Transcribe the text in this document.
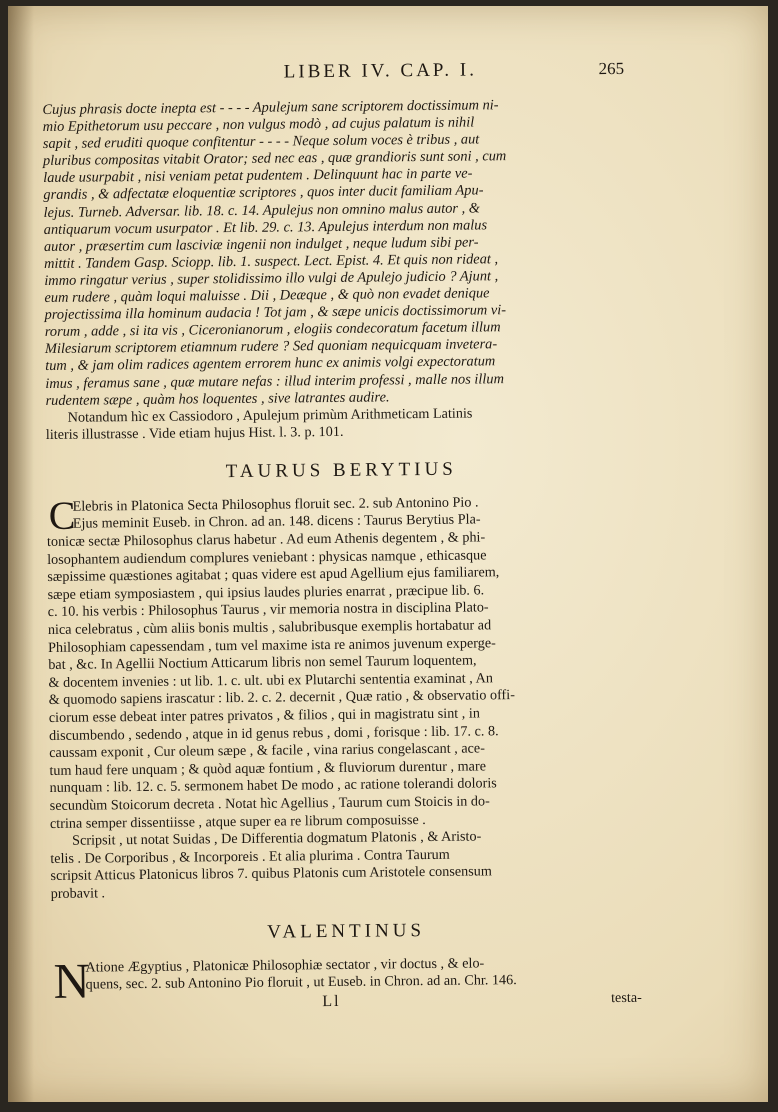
LIBER IV. CAP. I.	265

Cujus phrasis docte inepta est - - - - Apulejum sane scriptorem doctissimum ni-

mio Epithetorum usu peccare , non vulgus modò , ad cujus palatum is nihil

sapit , sed eruditi quoque confitentur - - - - Neque solum voces è tribus , aut

pluribus compositas vitabit Orator; sed nec eas , quæ grandioris sunt soni , cum

laude usurpabit , nisi veniam petat pudentem . Delinquunt hac in parte ve-

grandis , & adfectatæ eloquentiæ scriptores , quos inter ducit familiam Apu-

lejus. Turneb. Adversar. lib. 18. c. 14. Apulejus non omnino malus autor , &

antiquarum vocum usurpator . Et lib. 29. c. 13. Apulejus interdum non malus

autor , præsertim cum lasciviæ ingenii non indulget , neque ludum sibi per-

mittit . Tandem Gasp. Sciopp. lib. 1. suspect. Lect. Epist. 4. Et quis non rideat ,

immo ringatur verius , super stolidissimo illo vulgi de Apulejo judicio ? Ajunt ,

eum rudere , quàm loqui maluisse . Dii , Deæque , & quò non evadet denique

projectissima illa hominum audacia ! Tot jam , & sæpe unicis doctissimorum vi-

rorum , adde , si ita vis , Ciceronianorum , elogiis condecoratum facetum illum

Milesiarum scriptorem etiamnum rudere ? Sed quoniam nequicquam invetera-

tum , & jam olim radices agentem errorem hunc ex animis volgi expectoratum

imus , feramus sane , quæ mutare nefas : illud interim professi , malle nos illum

rudentem sæpe , quàm hos loquentes , sive latrantes audire.

Notandum hìc ex Cassiodoro , Apulejum primùm Arithmeticam Latinis

literis illustrasse . Vide etiam hujus Hist. l. 3. p. 101.

TAURUS BERYTIUS
C

Elebris in Platonica Secta Philosophus floruit sec. 2. sub Antonino Pio .

Ejus meminit Euseb. in Chron. ad an. 148. dicens : Taurus Berytius Pla-

tonicæ sectæ Philosophus clarus habetur . Ad eum Athenis degentem , & phi-

losophantem audiendum complures veniebant : physicas namque , ethicasque

sæpissime quæstiones agitabat ; quas videre est apud Agellium ejus familiarem,

sæpe etiam symposiastem , qui ipsius laudes pluries enarrat , præcipue lib. 6.

c. 10. his verbis : Philosophus Taurus , vir memoria nostra in disciplina Plato-

nica celebratus , cùm aliis bonis multis , salubribusque exemplis hortabatur ad

Philosophiam capessendam , tum vel maxime ista re animos juvenum experge-

bat , &c. In Agellii Noctium Atticarum libris non semel Taurum loquentem,

& docentem invenies : ut lib. 1. c. ult. ubi ex Plutarchi sententia examinat , An

& quomodo sapiens irascatur : lib. 2. c. 2. decernit , Quæ ratio , & observatio offi-

ciorum esse debeat inter patres privatos , & filios , qui in magistratu sint , in

discumbendo , sedendo , atque in id genus rebus , domi , forisque : lib. 17. c. 8.

caussam exponit , Cur oleum sæpe , & facile , vina rarius congelascant , ace-

tum haud fere unquam ; & quòd aquæ fontium , & fluviorum durentur , mare

nunquam : lib. 12. c. 5. sermonem habet De modo , ac ratione tolerandi doloris

secundùm Stoicorum decreta . Notat hìc Agellius , Taurum cum Stoicis in do-

ctrina semper dissentiisse , atque super ea re librum composuisse .

Scripsit , ut notat Suidas , De Differentia dogmatum Platonis , & Aristo-

telis . De Corporibus , & Incorporeis . Et alia plurima . Contra Taurum

scripsit Atticus Platonicus libros 7. quibus Platonis cum Aristotele consensum

probavit .

VALENTINUS
N

Atione Ægyptius , Platonicæ Philosophiæ sectator , vir doctus , & elo-

quens, sec. 2. sub Antonino Pio floruit , ut Euseb. in Chron. ad an. Chr. 146.

Ll	testa-
